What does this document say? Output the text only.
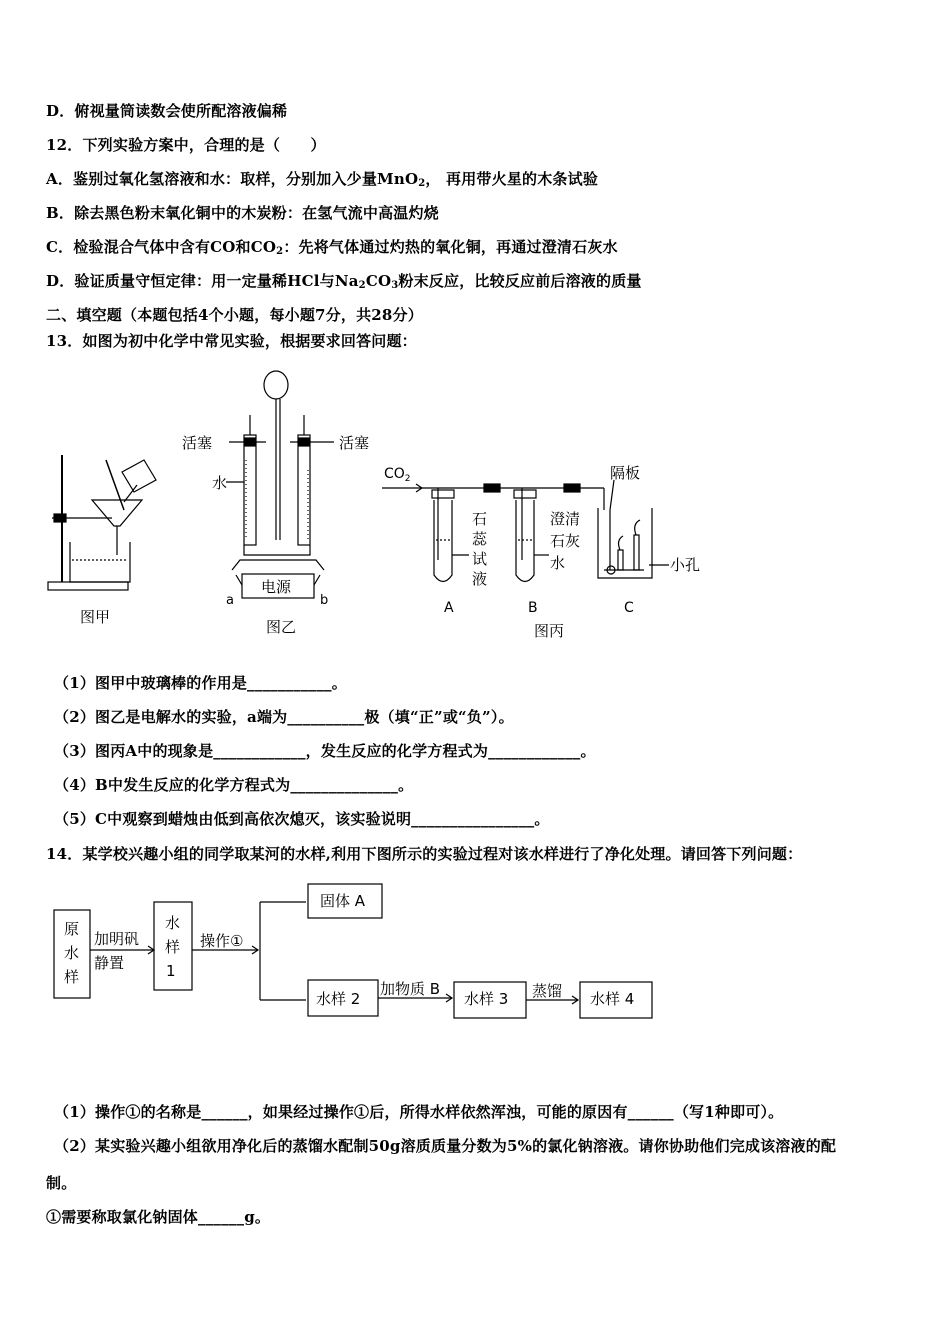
D．俯视量筒读数会使所配溶液偏稀
12．下列实验方案中，合理的是（　　）
A．鉴别过氧化氢溶液和水：取样，分别加入少量MnO$_2$， 再用带火星的木条试验
B．除去黑色粉末氧化铜中的木炭粉：在氢气流中高温灼烧
C．检验混合气体中含有CO和$CO_2$：先将气体通过灼热的氧化铜，再通过澄清石灰水
D．验证质量守恒定律：用一定量稀HCl与$Na_2CO_3$粉末反应，比较反应前后溶液的质量
二、填空题（本题包括4个小题，每小题7分，共28分）
13．如图为初中化学中常见实验，根据要求回答问题：
图甲
活塞	活塞
水
电源
a	b
图乙
$CO_2$	隔板
小孔
石
蕊
试
液
澄清
石灰
水
A	B	C
图丙
（1）图甲中玻璃棒的作用是___________。
（2）图乙是电解水的实验，a端为__________极（填“正”或“负”）。
（3）图丙A中的现象是____________，发生反应的化学方程式为____________。
（4）B中发生反应的化学方程式为______________。
（5）C中观察到蜡烛由低到高依次熄灭，该实验说明________________。
14．某学校兴趣小组的同学取某河的水样,利用下图所示的实验过程对该水样进行了净化处理。请回答下列问题：
原
水
样
加明矾
静置
水
样
1
操作①
固体 A
水样 2
加物质 B
水样 3 蒸馏 水样 4
（1）操作①的名称是______，如果经过操作①后，所得水样依然浑浊，可能的原因有______（写1种即可）。
（2）某实验兴趣小组欲用净化后的蒸馏水配制50g溶质质量分数为5%的氯化钠溶液。请你协助他们完成该溶液的配
制。
①需要称取氯化钠固体______g。
